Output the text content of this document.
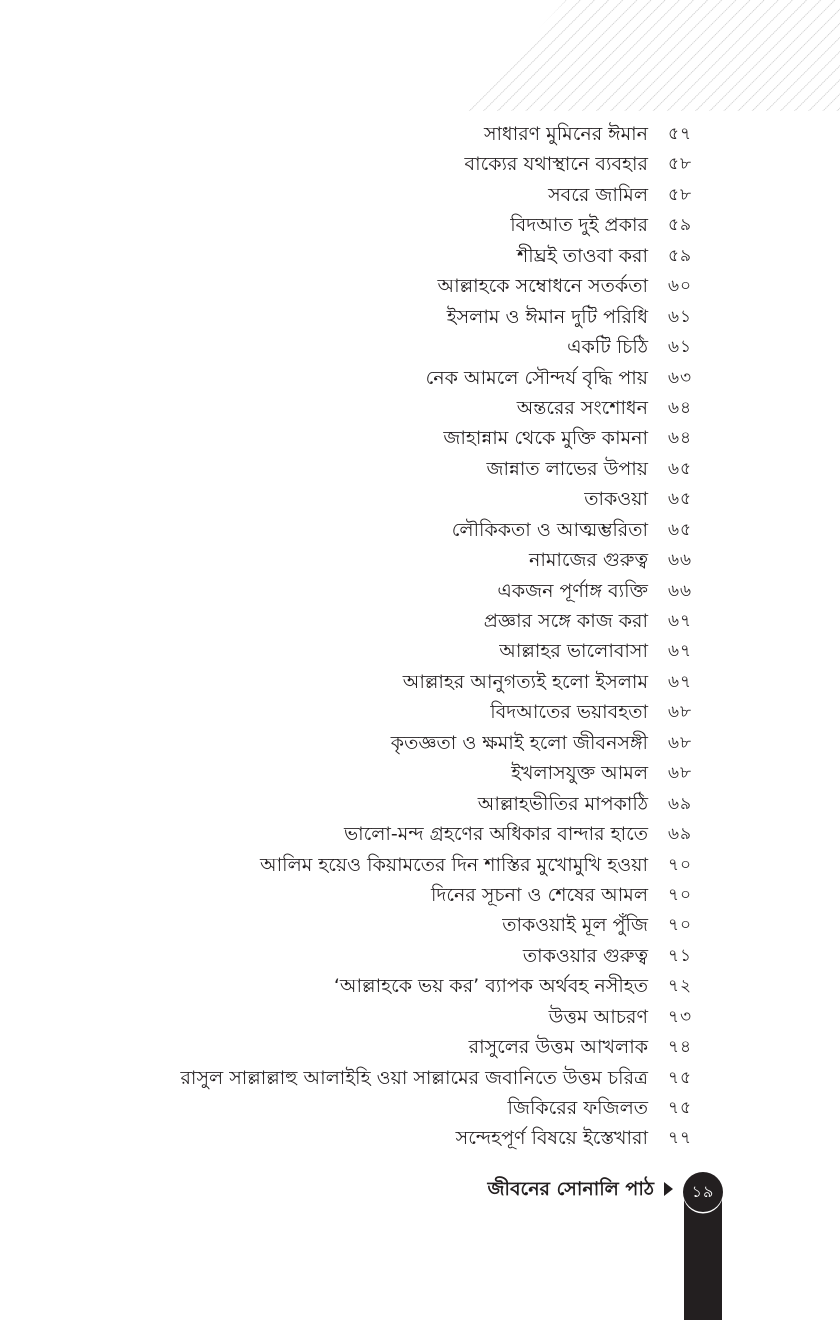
সাধারণ মুমিনের ঈমান ৫৭
বাক্যের যথাস্থানে ব্যবহার ৫৮
সবরে জামিল ৫৮
বিদআত দুই প্রকার ৫৯
শীঘ্রই তাওবা করা ৫৯
আল্লাহকে সম্বোধনে সতর্কতা ৬০
ইসলাম ও ঈমান দুটি পরিধি ৬১
একটি চিঠি ৬১
নেক আমলে সৌন্দর্য বৃদ্ধি পায় ৬৩
অন্তরের সংশোধন ৬৪
জাহান্নাম থেকে মুক্তি কামনা ৬৪
জান্নাত লাভের উপায় ৬৫
তাকওয়া ৬৫
লৌকিকতা ও আত্মম্ভরিতা ৬৫
নামাজের গুরুত্ব ৬৬
একজন পূর্ণাঙ্গ ব্যক্তি ৬৬
প্রজ্ঞার সঙ্গে কাজ করা ৬৭
আল্লাহর ভালোবাসা ৬৭
আল্লাহর আনুগত্যই হলো ইসলাম ৬৭
বিদআতের ভয়াবহতা ৬৮
কৃতজ্ঞতা ও ক্ষমাই হলো জীবনসঙ্গী ৬৮
ইখলাসযুক্ত আমল ৬৮
আল্লাহভীতির মাপকাঠি ৬৯
ভালো-মন্দ গ্রহণের অধিকার বান্দার হাতে ৬৯
আলিম হয়েও কিয়ামতের দিন শাস্তির মুখোমুখি হওয়া ৭০
দিনের সূচনা ও শেষের আমল ৭০
তাকওয়াই মূল পুঁজি ৭০
তাকওয়ার গুরুত্ব ৭১
‘আল্লাহকে ভয় কর’ ব্যাপক অর্থবহ নসীহত ৭২
উত্তম আচরণ ৭৩
রাসুলের উত্তম আখলাক ৭৪
রাসুল সাল্লাল্লাহু আলাইহি ওয়া সাল্লামের জবানিতে উত্তম চরিত্র ৭৫
জিকিরের ফজিলত ৭৫
সন্দেহপূর্ণ বিষয়ে ইস্তেখারা ৭৭
জীবনের সোনালি পাঠ ১৯
